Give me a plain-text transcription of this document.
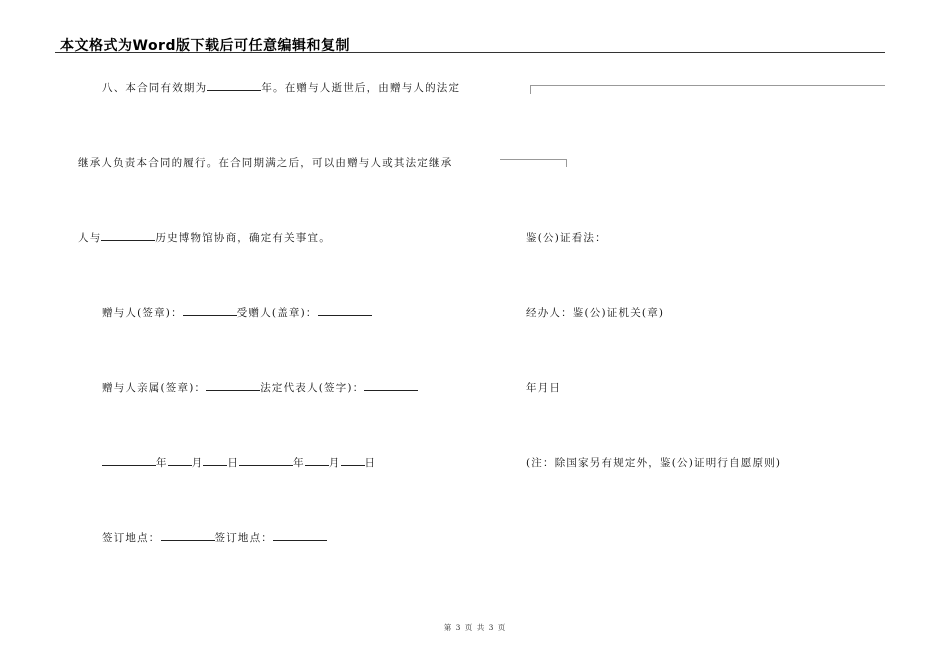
本文格式为Word版下载后可任意编辑和复制
八、本合同有效期为	年。在赠与人逝世后，由赠与人的法定
继承人负责本合同的履行。在合同期满之后，可以由赠与人或其法定继承
人与	历史博物馆协商，确定有关事宜。
赠与人(签章)：	受赠人(盖章)：
赠与人亲属(签章)：	法定代表人(签字)：
年 月 日	年 月 日
签订地点：	签订地点：
鉴(公)证看法：
经办人：鉴(公)证机关(章)
年月日
(注：除国家另有规定外，鉴(公)证明行自愿原则)
第 3 页 共 3 页
